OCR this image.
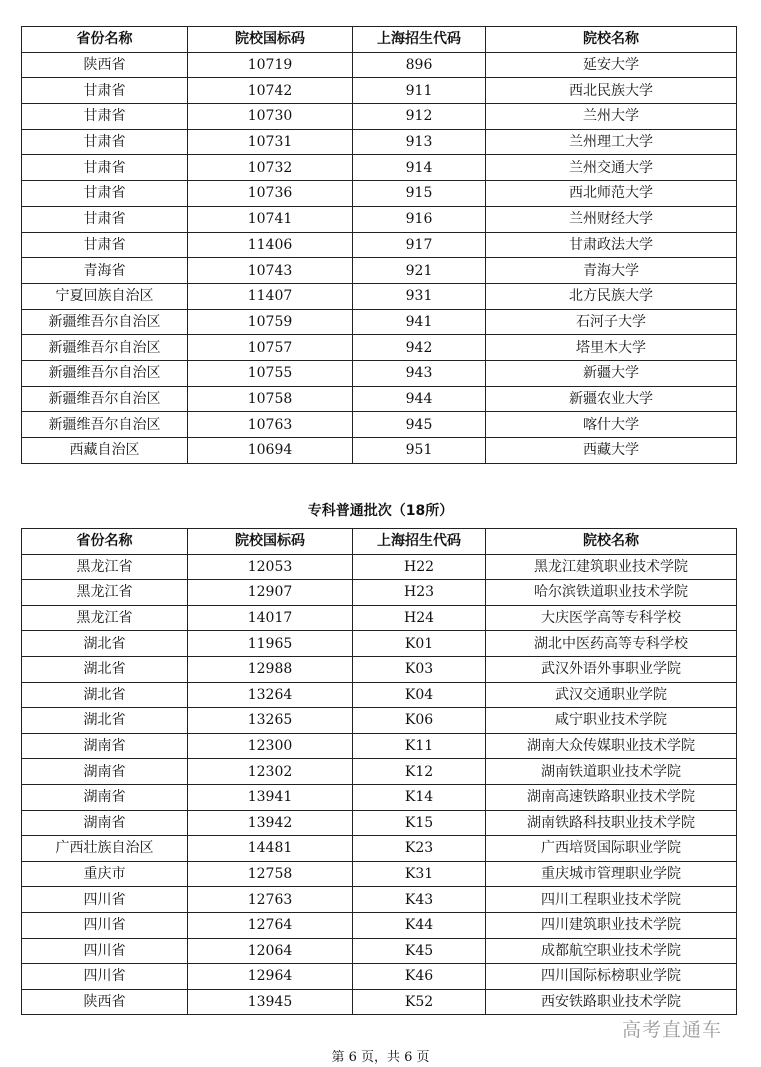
省份名称	院校国标码	上海招生代码	院校名称
陕西省	10719	896	延安大学
甘肃省	10742	911	西北民族大学
甘肃省	10730	912	兰州大学
甘肃省	10731	913	兰州理工大学
甘肃省	10732	914	兰州交通大学
甘肃省	10736	915	西北师范大学
甘肃省	10741	916	兰州财经大学
甘肃省	11406	917	甘肃政法大学
青海省	10743	921	青海大学
宁夏回族自治区	11407	931	北方民族大学
新疆维吾尔自治区	10759	941	石河子大学
新疆维吾尔自治区	10757	942	塔里木大学
新疆维吾尔自治区	10755	943	新疆大学
新疆维吾尔自治区	10758	944	新疆农业大学
新疆维吾尔自治区	10763	945	喀什大学
西藏自治区	10694	951	西藏大学
专科普通批次（18所）
省份名称	院校国标码	上海招生代码	院校名称
黑龙江省	12053	H22	黑龙江建筑职业技术学院
黑龙江省	12907	H23	哈尔滨铁道职业技术学院
黑龙江省	14017	H24	大庆医学高等专科学校
湖北省	11965	K01	湖北中医药高等专科学校
湖北省	12988	K03	武汉外语外事职业学院
湖北省	13264	K04	武汉交通职业学院
湖北省	13265	K06	咸宁职业技术学院
湖南省	12300	K11	湖南大众传媒职业技术学院
湖南省	12302	K12	湖南铁道职业技术学院
湖南省	13941	K14	湖南高速铁路职业技术学院
湖南省	13942	K15	湖南铁路科技职业技术学院
广西壮族自治区	14481	K23	广西培贤国际职业学院
重庆市	12758	K31	重庆城市管理职业学院
四川省	12763	K43	四川工程职业技术学院
四川省	12764	K44	四川建筑职业技术学院
四川省	12064	K45	成都航空职业技术学院
四川省	12964	K46	四川国际标榜职业学院
陕西省	13945	K52	西安铁路职业技术学院
第 6 页，共 6 页
高考直通车
